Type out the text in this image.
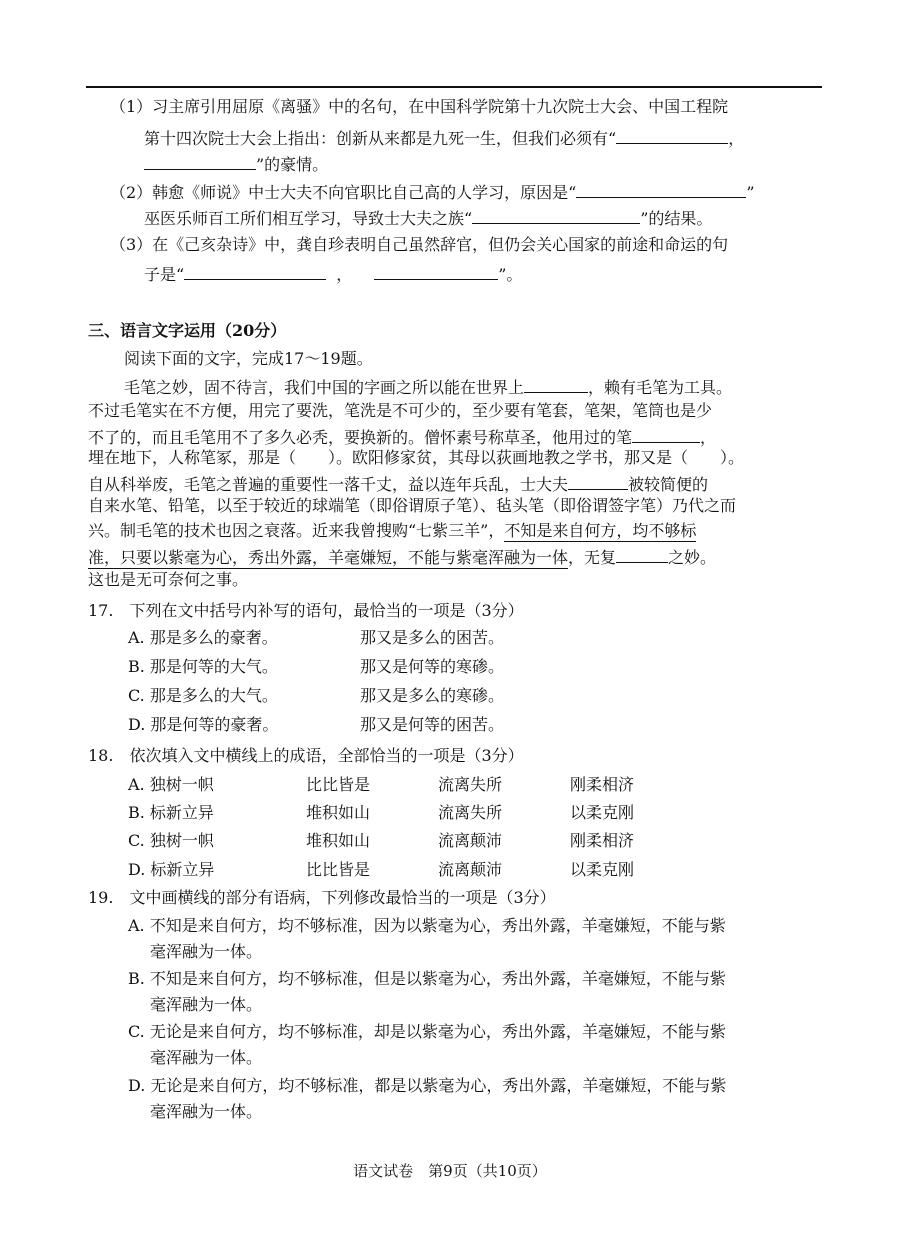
（1）习主席引用屈原《离骚》中的名句，在中国科学院第十九次院士大会、中国工程院
第十四次院士大会上指出：创新从来都是九死一生，但我们必须有“	，
”的豪情。
（2）韩愈《师说》中士大夫不向官职比自己高的人学习，原因是“	”
巫医乐师百工所们相互学习，导致士大夫之族“	”的结果。
（3）在《己亥杂诗》中，龚自珍表明自己虽然辞官，但仍会关心国家的前途和命运的句
子是“	，	”。
三、语言文字运用（20分）
阅读下面的文字，完成17～19题。
毛笔之妙，固不待言，我们中国的字画之所以能在世界上	，赖有毛笔为工具。
不过毛笔实在不方便，用完了要洗，笔洗是不可少的，至少要有笔套，笔架，笔筒也是少
不了的，而且毛笔用不了多久必秃，要换新的。僧怀素号称草圣，他用过的笔	，
埋在地下，人称笔冢，那是（　　）。欧阳修家贫，其母以荻画地教之学书，那又是（　　）。
自从科举废，毛笔之普遍的重要性一落千丈，益以连年兵乱，士大夫	被较简便的
自来水笔、铅笔，以至于较近的球端笔（即俗谓原子笔）、毡头笔（即俗谓签字笔）乃代之而
兴。制毛笔的技术也因之衰落。近来我曾搜购“七紫三羊”，不知是来自何方，均不够标
准，只要以紫毫为心，秀出外露，羊毫嫌短，不能与紫毫浑融为一体，无复	之妙。
这也是无可奈何之事。
17.　下列在文中括号内补写的语句，最恰当的一项是（3分）
A. 那是多么的豪奢。	那又是多么的困苦。
B. 那是何等的大气。	那又是何等的寒碜。
C. 那是多么的大气。	那又是多么的寒碜。
D. 那是何等的豪奢。	那又是何等的困苦。
18.　依次填入文中横线上的成语，全部恰当的一项是（3分）
A. 独树一帜	比比皆是	流离失所	刚柔相济
B. 标新立异	堆积如山	流离失所	以柔克刚
C. 独树一帜	堆积如山	流离颠沛	刚柔相济
D. 标新立异	比比皆是	流离颠沛	以柔克刚
19.　文中画横线的部分有语病，下列修改最恰当的一项是（3分）
A. 不知是来自何方，均不够标准，因为以紫毫为心，秀出外露，羊毫嫌短，不能与紫
毫浑融为一体。
B. 不知是来自何方，均不够标准，但是以紫毫为心，秀出外露，羊毫嫌短，不能与紫
毫浑融为一体。
C. 无论是来自何方，均不够标准，却是以紫毫为心，秀出外露，羊毫嫌短，不能与紫
毫浑融为一体。
D. 无论是来自何方，均不够标准，都是以紫毫为心，秀出外露，羊毫嫌短，不能与紫
毫浑融为一体。
语文试卷　第9页（共10页）
